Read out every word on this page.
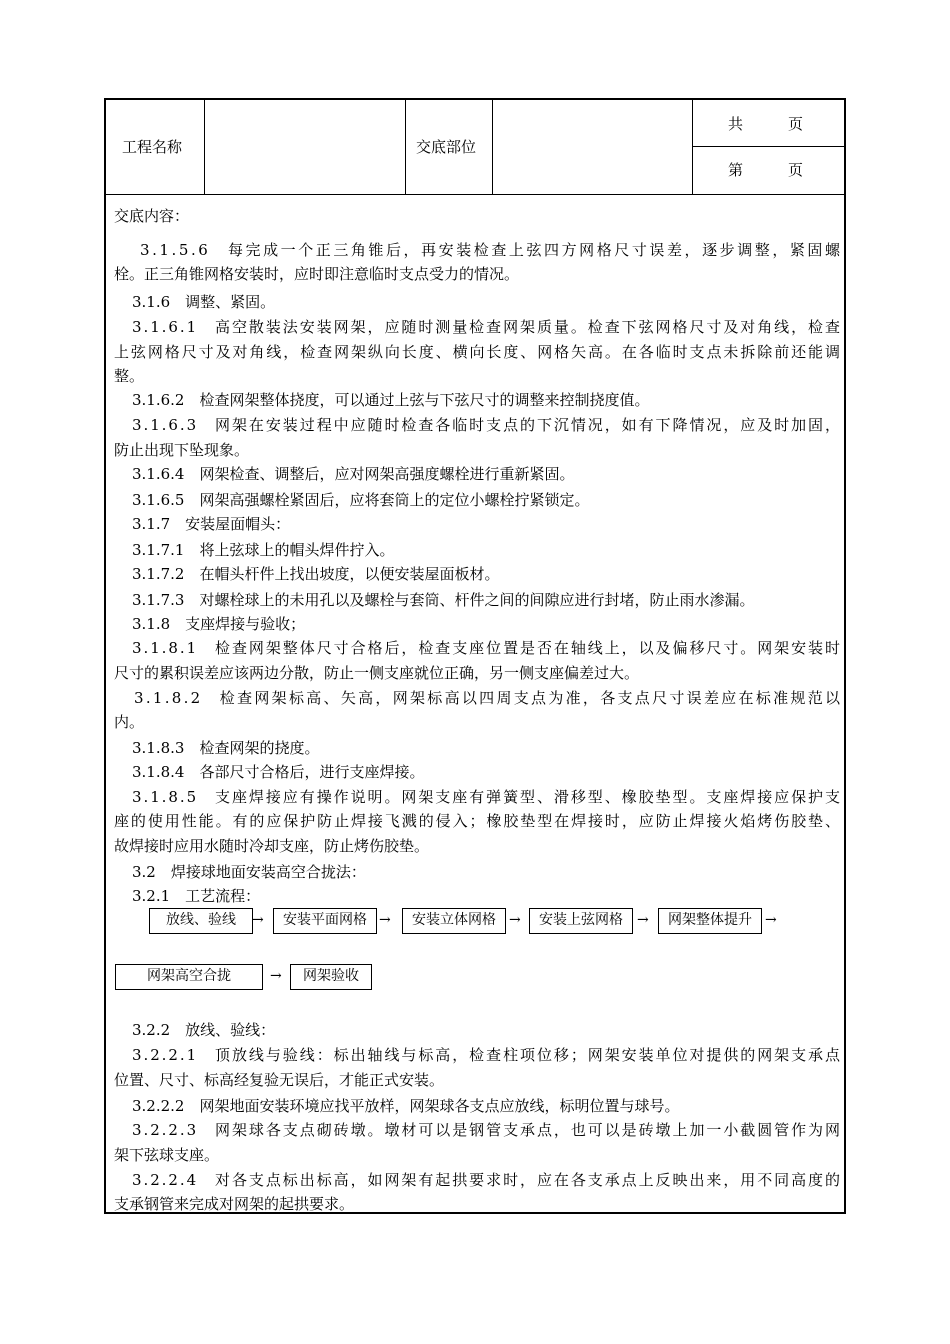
工程名称	交底部位
共　　　页
第　　　页
交底内容：
3.1.5.6　每完成一个正三角锥后，再安装检查上弦四方网格尺寸误差，逐步调整，紧固螺
栓。正三角锥网格安装时，应时即注意临时支点受力的情况。
3.1.6　调整、紧固。
3.1.6.1　高空散装法安装网架，应随时测量检查网架质量。检查下弦网格尺寸及对角线，检查
上弦网格尺寸及对角线，检查网架纵向长度、横向长度、网格矢高。在各临时支点未拆除前还能调
整。
3.1.6.2　检查网架整体挠度，可以通过上弦与下弦尺寸的调整来控制挠度值。
3.1.6.3　网架在安装过程中应随时检查各临时支点的下沉情况，如有下降情况，应及时加固，
防止出现下坠现象。
3.1.6.4　网架检查、调整后，应对网架高强度螺栓进行重新紧固。
3.1.6.5　网架高强螺栓紧固后，应将套筒上的定位小螺栓拧紧锁定。
3.1.7　安装屋面帽头：
3.1.7.1　将上弦球上的帽头焊件拧入。
3.1.7.2　在帽头杆件上找出坡度，以便安装屋面板材。
3.1.7.3　对螺栓球上的未用孔以及螺栓与套筒、杆件之间的间隙应进行封堵，防止雨水渗漏。
3.1.8　支座焊接与验收；
3.1.8.1　检查网架整体尺寸合格后，检查支座位置是否在轴线上，以及偏移尺寸。网架安装时
尺寸的累积误差应该两边分散，防止一侧支座就位正确，另一侧支座偏差过大。
3.1.8.2　检查网架标高、矢高，网架标高以四周支点为准，各支点尺寸误差应在标准规范以
内。
3.1.8.3　检查网架的挠度。
3.1.8.4　各部尺寸合格后，进行支座焊接。
3.1.8.5　支座焊接应有操作说明。网架支座有弹簧型、滑移型、橡胶垫型。支座焊接应保护支
座的使用性能。有的应保护防止焊接飞溅的侵入；橡胶垫型在焊接时，应防止焊接火焰烤伤胶垫、
故焊接时应用水随时冷却支座，防止烤伤胶垫。
3.2　焊接球地面安装高空合拢法：
3.2.1　工艺流程：
放线、验线	安装平面网格	安装立体网格	安装上弦网格	网架整体提升
→	→	→	→	→
网架高空合拢	网架验收
→
3.2.2　放线、验线：
3.2.2.1　顶放线与验线：标出轴线与标高，检查柱项位移；网架安装单位对提供的网架支承点
位置、尺寸、标高经复验无误后，才能正式安装。
3.2.2.2　网架地面安装环境应找平放样，网架球各支点应放线，标明位置与球号。
3.2.2.3　网架球各支点砌砖墩。墩材可以是钢管支承点，也可以是砖墩上加一小截圆管作为网
架下弦球支座。
3.2.2.4　对各支点标出标高，如网架有起拱要求时，应在各支承点上反映出来，用不同高度的
支承钢管来完成对网架的起拱要求。
